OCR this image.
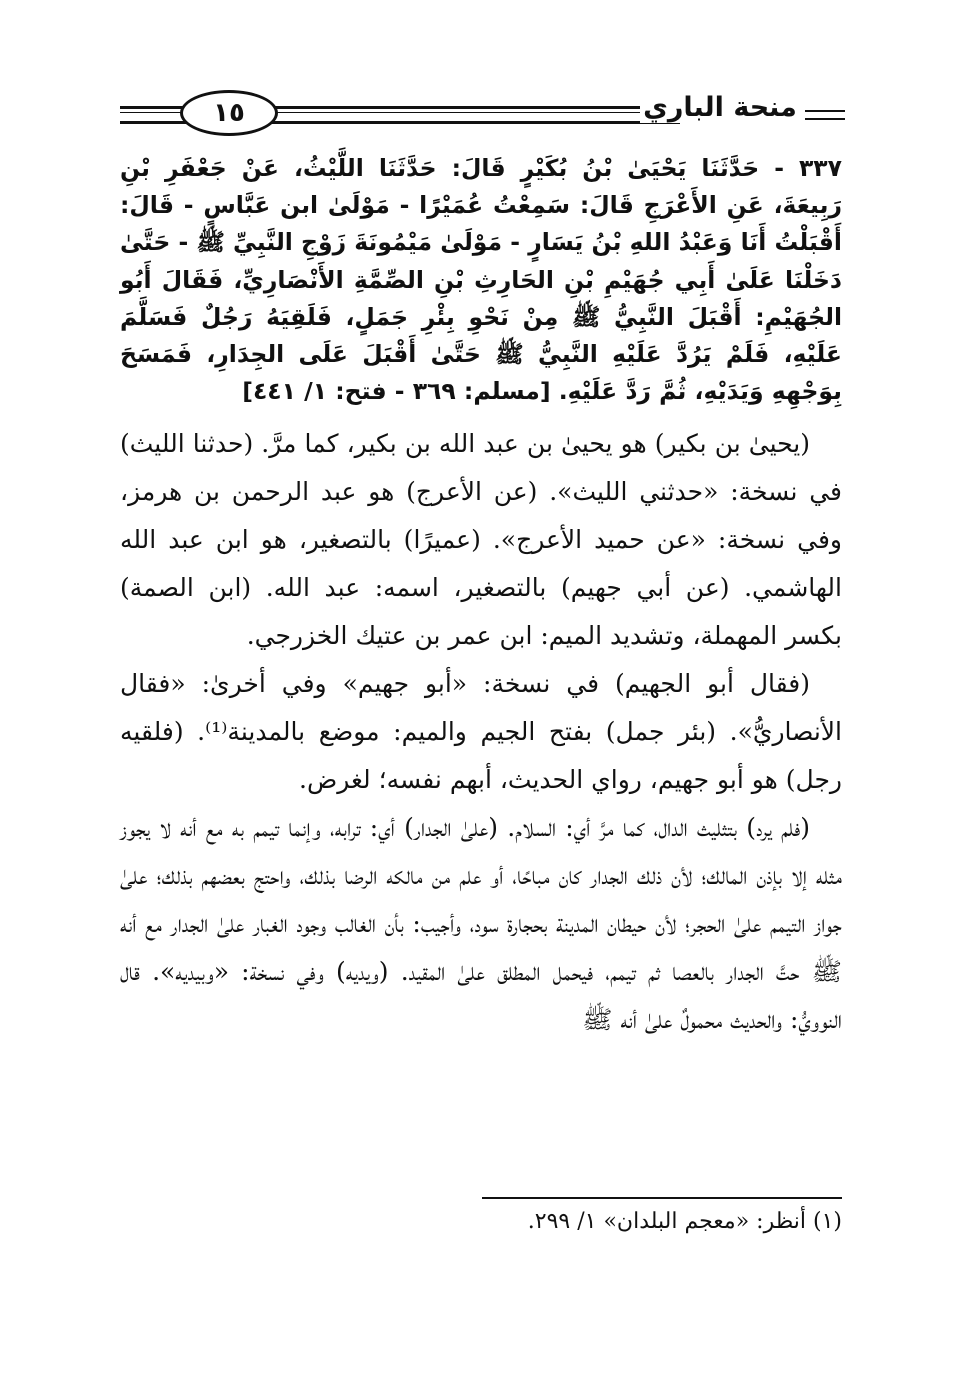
١٥	منحة الباري

٣٣٧ - حَدَّثَنَا يَحْيَىٰ بْنُ بُكَيْرٍ قَالَ: حَدَّثَنَا اللَّيْثُ، عَنْ جَعْفَرِ بْنِ رَبِيعَةَ، عَنِ الأَعْرَجِ قَالَ: سَمِعْتُ عُمَيْرًا - مَوْلَىٰ ابن عَبَّاسٍ - قَالَ: أَقْبَلْتُ أَنَا وَعَبْدُ اللهِ بْنُ يَسَارٍ - مَوْلَىٰ مَيْمُونَةَ زَوْجِ النَّبِيِّ ﷺ - حَتَّىٰ دَخَلْنَا عَلَىٰ أَبِي جُهَيْمِ بْنِ الحَارِثِ بْنِ الصِّمَّةِ الأَنْصَارِيِّ، فَقَالَ أَبُو الجُهَيْمِ: أَقْبَلَ النَّبِيُّ ﷺ مِنْ نَحْوِ بِئْرِ جَمَلٍ، فَلَقِيَهُ رَجُلٌ فَسَلَّمَ عَلَيْهِ، فَلَمْ يَرُدَّ عَلَيْهِ النَّبِيُّ ﷺ حَتَّىٰ أَقْبَلَ عَلَى الجِدَارِ، فَمَسَحَ بِوَجْهِهِ وَيَدَيْهِ، ثُمَّ رَدَّ عَلَيْهِ. [مسلم: ٣٦٩ - فتح: ١/ ٤٤١]

(يحيىٰ بن بكير) هو يحيىٰ بن عبد الله بن بكير، كما مرَّ. (حدثنا الليث) في نسخة: «حدثني الليث». (عن الأعرج) هو عبد الرحمن بن هرمز، وفي نسخة: «عن حميد الأعرج». (عميرًا) بالتصغير، هو ابن عبد الله الهاشمي. (عن أبي جهيم) بالتصغير، اسمه: عبد الله. (ابن الصمة) بكسر المهملة، وتشديد الميم: ابن عمر بن عتيك الخزرجي.

(فقال أبو الجهيم) في نسخة: «أبو جهيم» وفي أخرىٰ: «فقال الأنصاريُّ». (بئر جمل) بفتح الجيم والميم: موضع بالمدينة⁽¹⁾. (فلقيه رجل) هو أبو جهيم، رواي الحديث، أبهم نفسه؛ لغرض.

(فلم يرد) بتثليث الدال، كما مرَّ أي: السلام. (علىٰ الجدار) أي: ترابه، وإنما تيمم به مع أنه لا يجوز مثله إلا بإذن المالك؛ لأن ذلك الجدار كان مباحًا، أو علم من مالكه الرضا بذلك، واحتج بعضهم بذلك؛ علىٰ جواز التيمم علىٰ الحجر؛ لأن حيطان المدينة بحجارة سود، وأجيب: بأن الغالب وجود الغبار علىٰ الجدار مع أنه ﷺ حتَّ الجدار بالعصا ثم تيمم، فيحمل المطلق علىٰ المقيد. (ويديه) وفي نسخة: «وبيديه». قال النوويُّ: والحديث محمولٌ علىٰ أنه ﷺ

(١) أنظر: «معجم البلدان» ١/ ٢٩٩.
